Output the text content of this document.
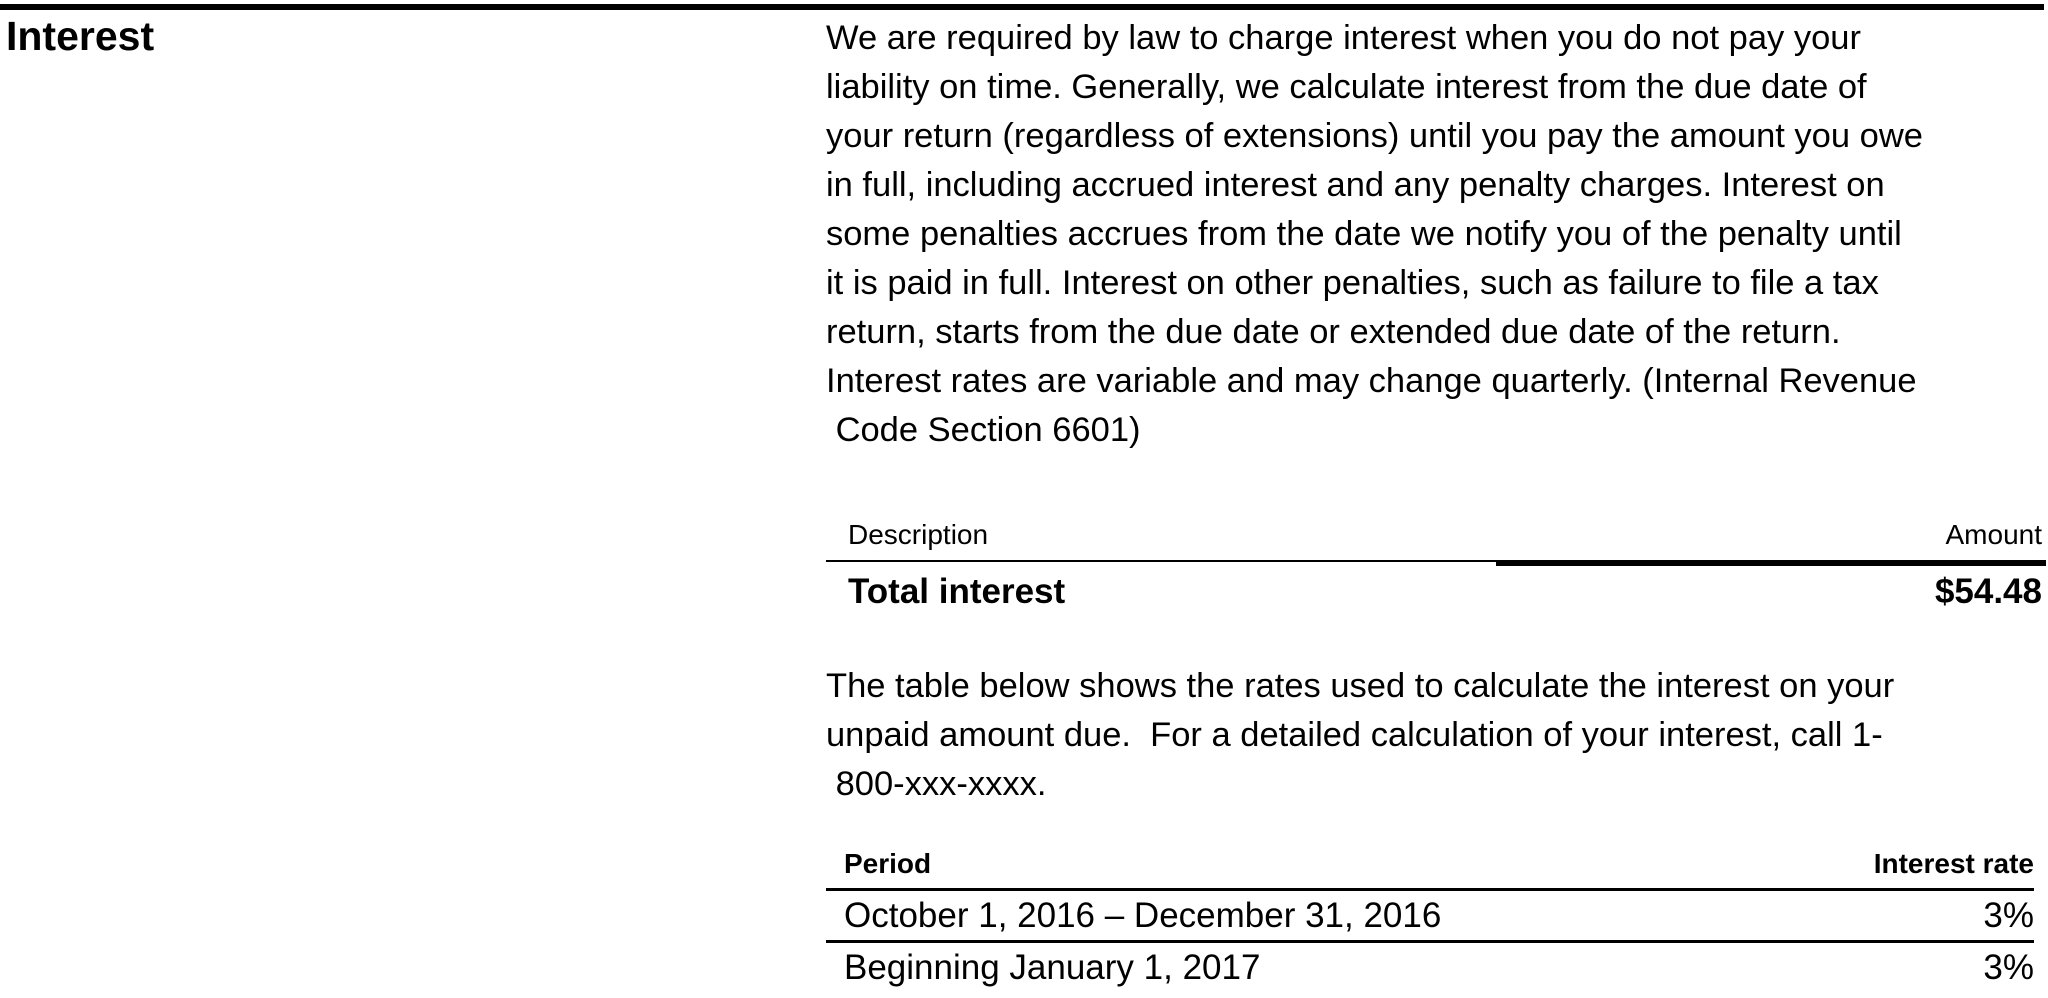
Interest	We are required by law to charge interest when you do not pay your

liability on time. Generally, we calculate interest from the due date of

your return (regardless of extensions) until you pay the amount you owe

in full, including accrued interest and any penalty charges. Interest on

some penalties accrues from the date we notify you of the penalty until

it is paid in full. Interest on other penalties, such as failure to file a tax

return, starts from the due date or extended due date of the return.

Interest rates are variable and may change quarterly. (Internal Revenue

Code Section 6601)

Description	Amount
Total interest	$54.48

The table below shows the rates used to calculate the interest on your

unpaid amount due.  For a detailed calculation of your interest, call 1-

800-xxx-xxxx.

Period	Interest rate
October 1, 2016 – December 31, 2016	3%
Beginning January 1, 2017	3%
